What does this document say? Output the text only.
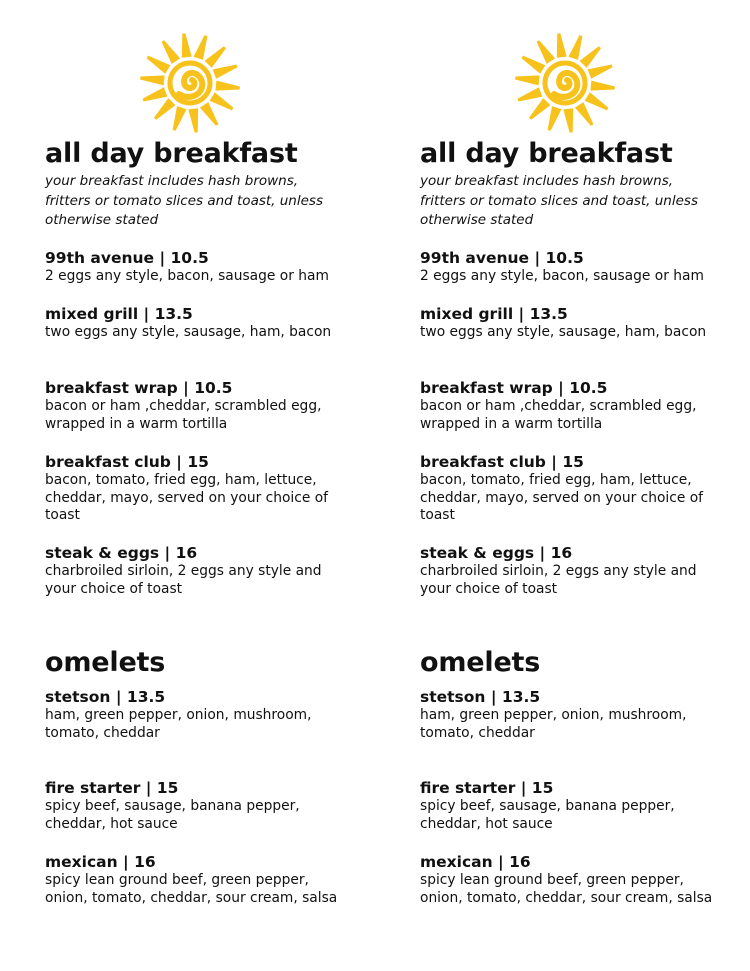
all day breakfast
your breakfast includes hash browns, fritters or tomato slices and toast, unless otherwise stated
99th avenue | 10.5
2 eggs any style, bacon, sausage or ham
mixed grill | 13.5
two eggs any style, sausage, ham, bacon
breakfast wrap | 10.5
bacon or ham ,cheddar, scrambled egg, wrapped in a warm tortilla
breakfast club | 15
bacon, tomato, fried egg, ham, lettuce, cheddar, mayo, served on your choice of toast
steak & eggs | 16
charbroiled sirloin, 2 eggs any style and your choice of toast
omelets
stetson | 13.5
ham, green pepper, onion, mushroom, tomato, cheddar
fire starter | 15
spicy beef, sausage, banana pepper, cheddar, hot sauce
mexican | 16
spicy lean ground beef, green pepper, onion, tomato, cheddar, sour cream, salsa
all day breakfast
your breakfast includes hash browns, fritters or tomato slices and toast, unless otherwise stated
99th avenue | 10.5
2 eggs any style, bacon, sausage or ham
mixed grill | 13.5
two eggs any style, sausage, ham, bacon
breakfast wrap | 10.5
bacon or ham ,cheddar, scrambled egg, wrapped in a warm tortilla
breakfast club | 15
bacon, tomato, fried egg, ham, lettuce, cheddar, mayo, served on your choice of toast
steak & eggs | 16
charbroiled sirloin, 2 eggs any style and your choice of toast
omelets
stetson | 13.5
ham, green pepper, onion, mushroom, tomato, cheddar
fire starter | 15
spicy beef, sausage, banana pepper, cheddar, hot sauce
mexican | 16
spicy lean ground beef, green pepper, onion, tomato, cheddar, sour cream, salsa
